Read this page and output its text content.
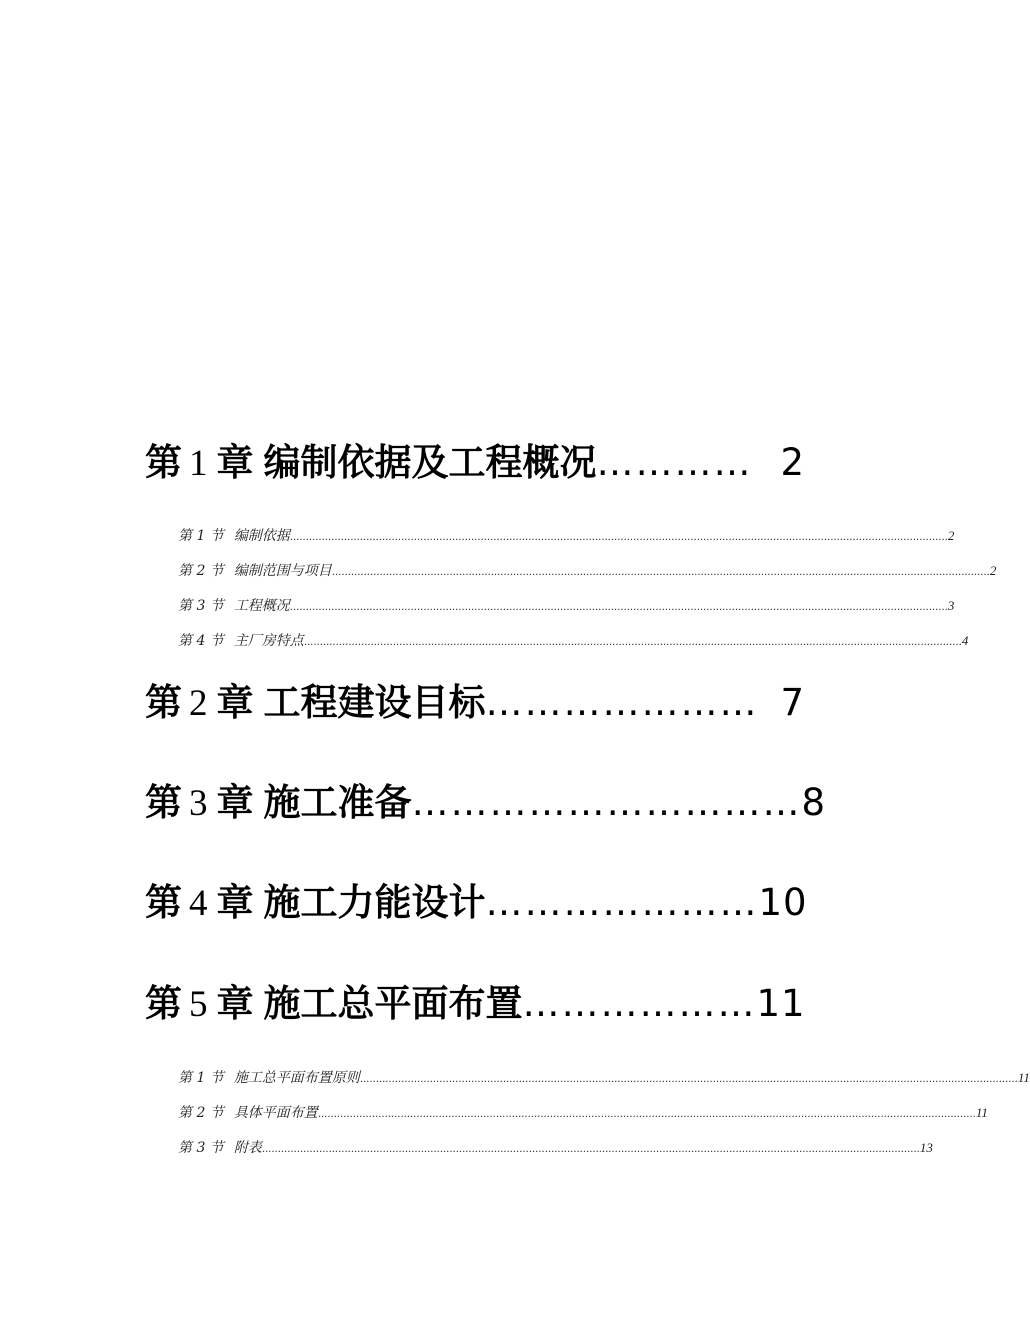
第 1 章 编制依据及工程概况 ………… 2
第 1 节 编制依据 ............................................................................................................................................................................................................... 2
第 2 节 编制范围与项目 ............................................................................................................................................................................................................... 2
第 3 节 工程概况 ............................................................................................................................................................................................................... 3
第 4 节 主厂房特点 ............................................................................................................................................................................................................... 4
第 2 章 工程建设目标 ………………… 7
第 3 章 施工准备 ………………………… 8
第 4 章 施工力能设计 ………………… 10
第 5 章 施工总平面布置 ……………… 11
第 1 节 施工总平面布置原则 ............................................................................................................................................................................................................... 11
第 2 节 具体平面布置 ............................................................................................................................................................................................................... 11
第 3 节 附表 ............................................................................................................................................................................................................... 13
